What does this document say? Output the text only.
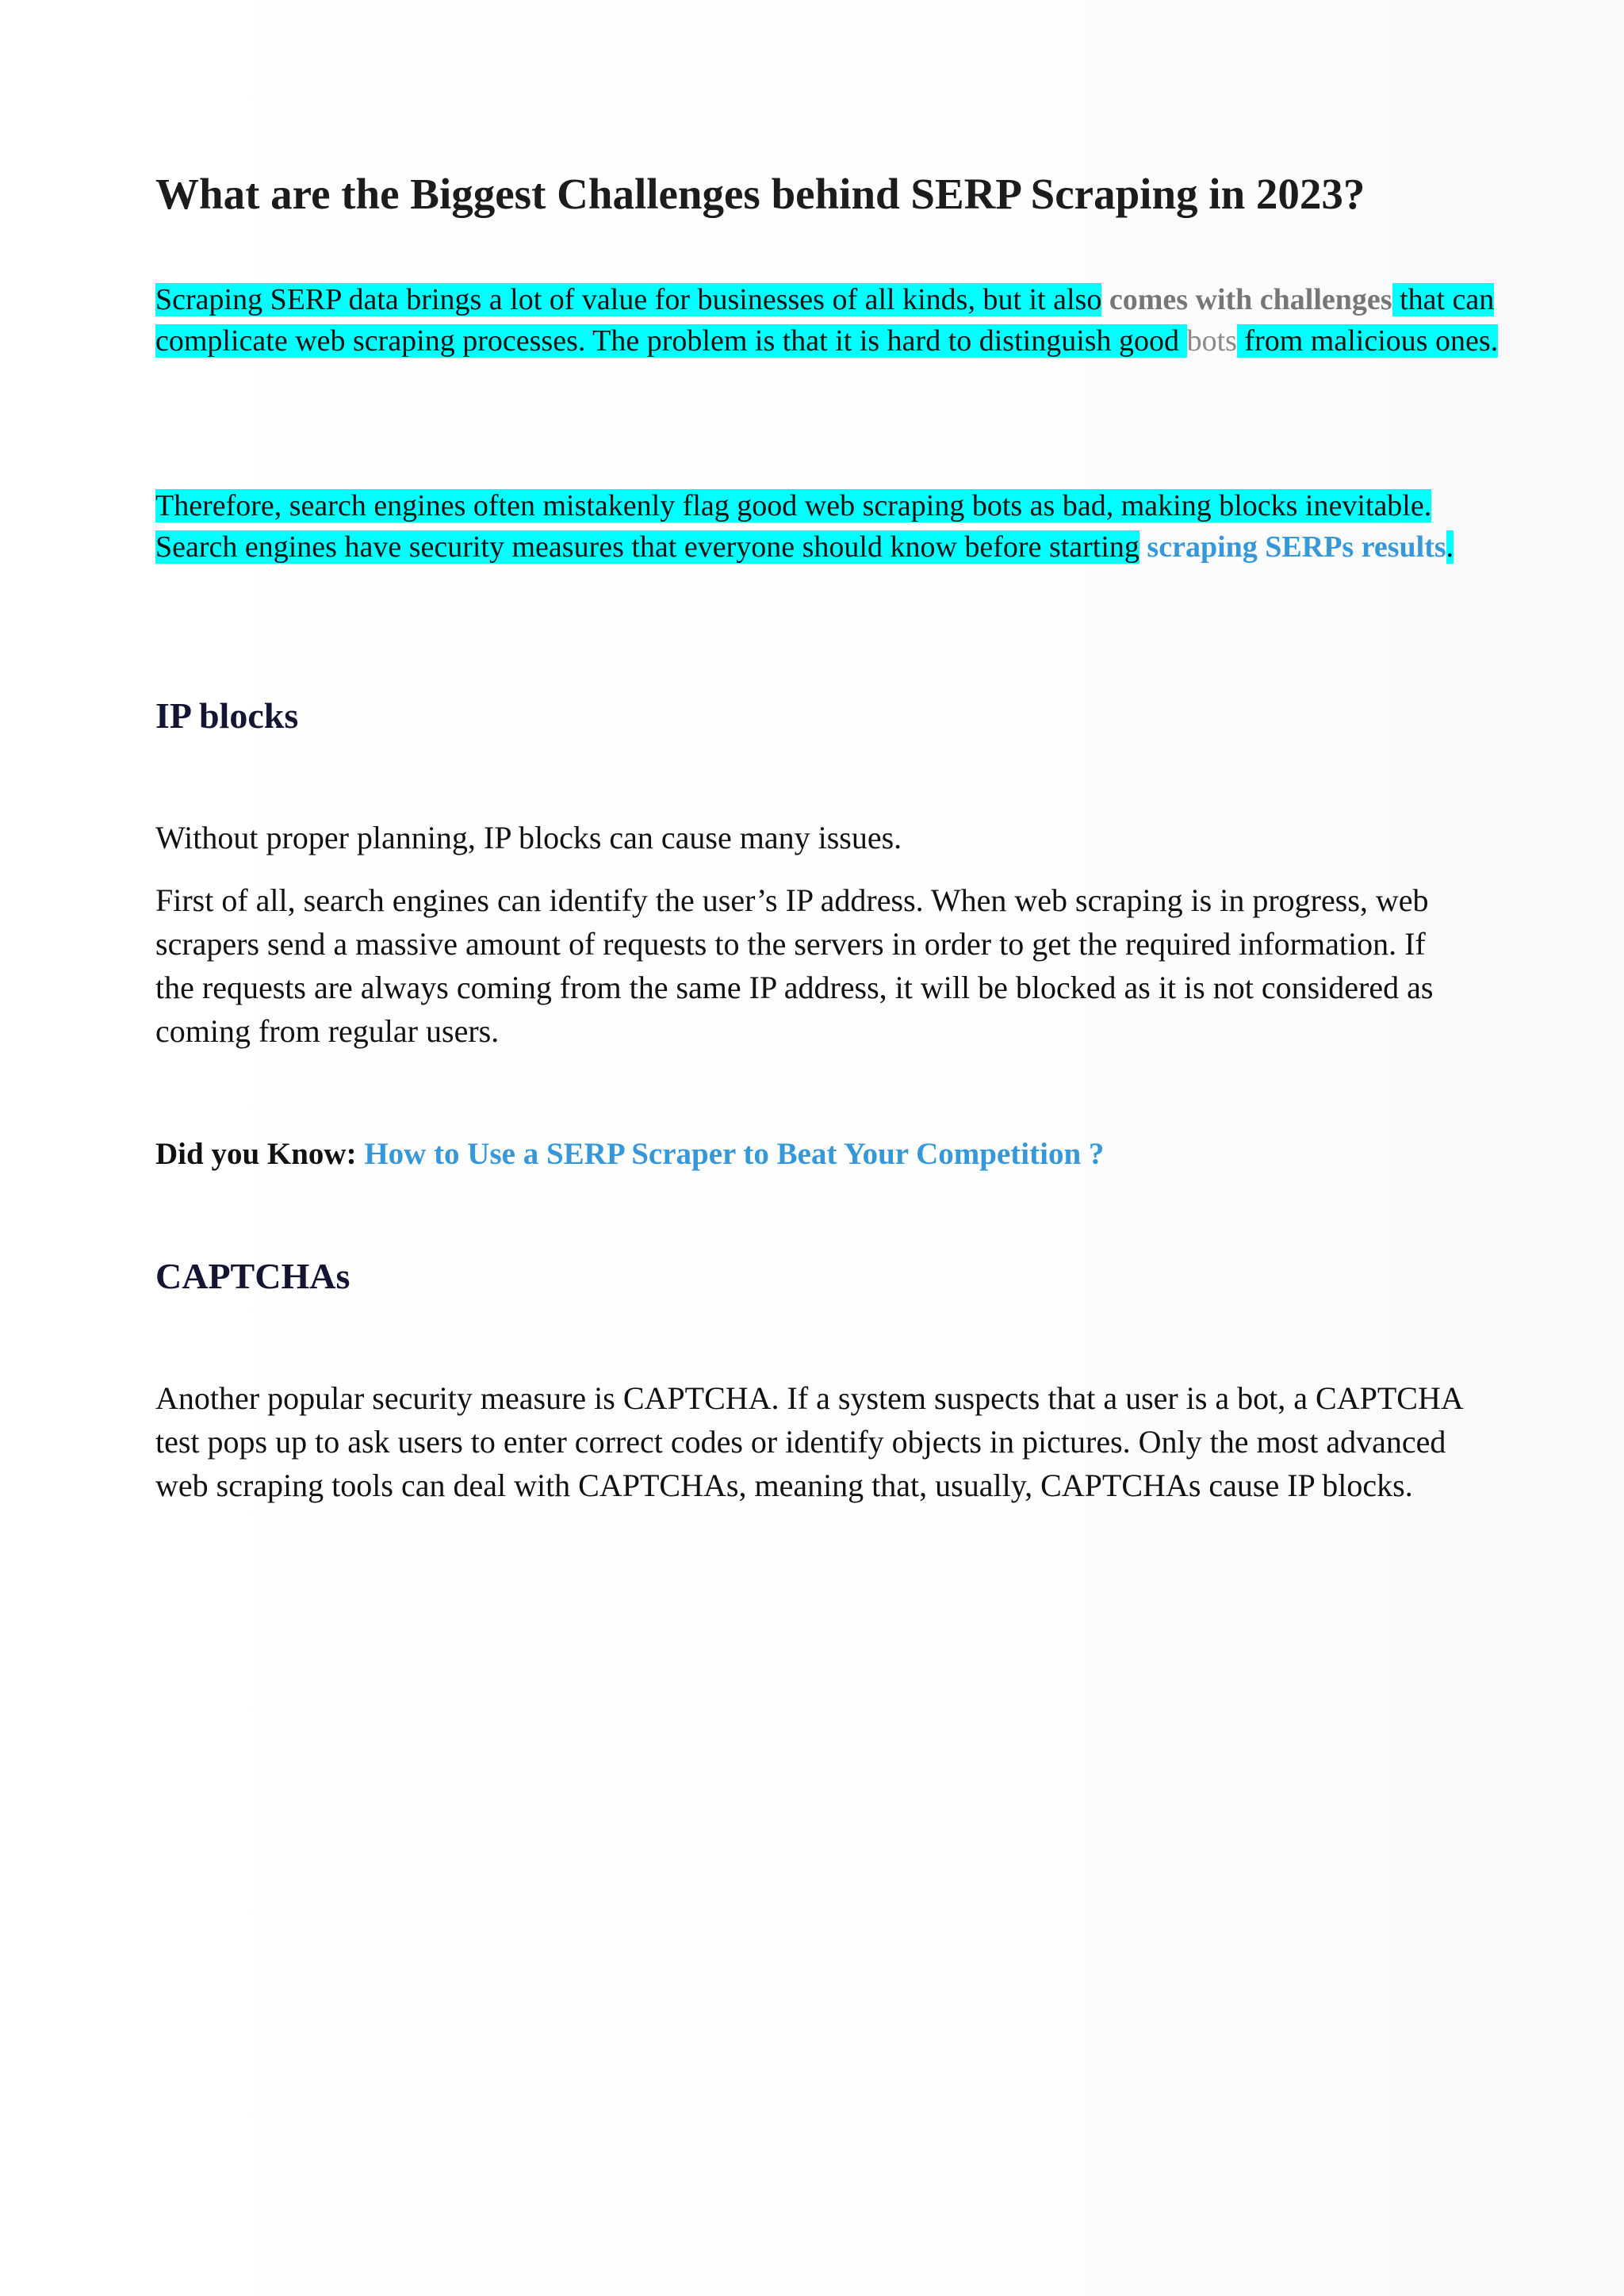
What are the Biggest Challenges behind SERP Scraping in 2023?

Scraping SERP data brings a lot of value for businesses of all kinds, but it also comes with challenges that can complicate web scraping processes. The problem is that it is hard to distinguish good bots from malicious ones.

Therefore, search engines often mistakenly flag good web scraping bots as bad, making blocks inevitable. Search engines have security measures that everyone should know before starting scraping SERPs results.

IP blocks

Without proper planning, IP blocks can cause many issues.

First of all, search engines can identify the user’s IP address. When web scraping is in progress, web scrapers send a massive amount of requests to the servers in order to get the required information. If the requests are always coming from the same IP address, it will be blocked as it is not considered as coming from regular users.

Did you Know: How to Use a SERP Scraper to Beat Your Competition ?

CAPTCHAs

Another popular security measure is CAPTCHA. If a system suspects that a user is a bot, a CAPTCHA test pops up to ask users to enter correct codes or identify objects in pictures. Only the most advanced web scraping tools can deal with CAPTCHAs, meaning that, usually, CAPTCHAs cause IP blocks.
